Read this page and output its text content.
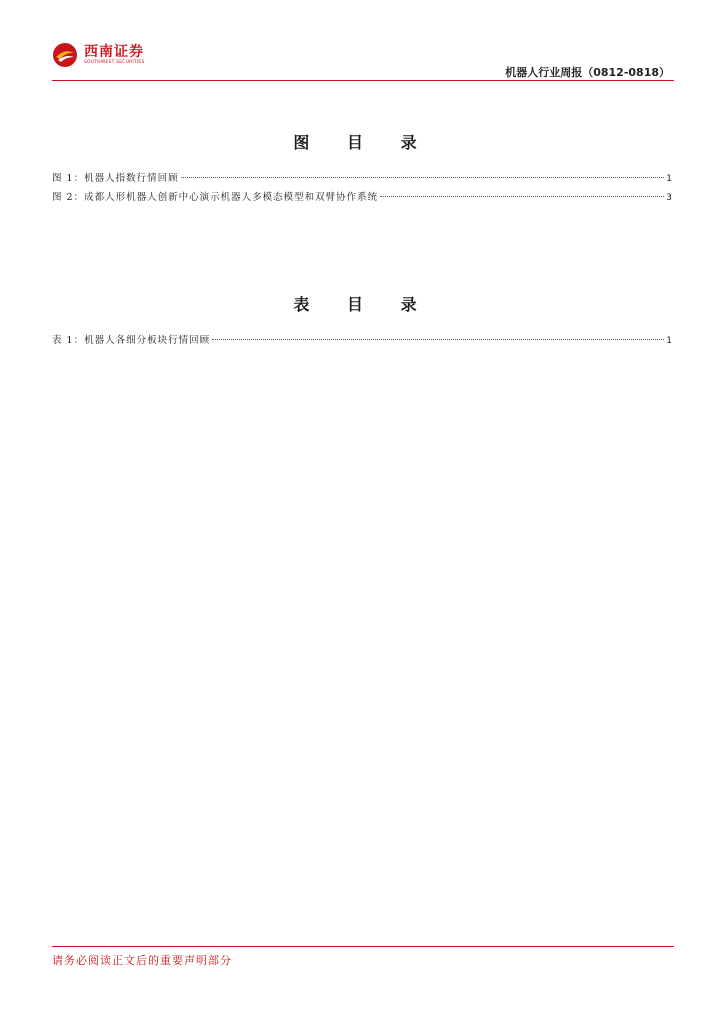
西南证券
SOUTHWEST SECURITIES
机器人行业周报（0812-0818）
图 目 录
图 1：机器人指数行情回顾	1
图 2：成都人形机器人创新中心演示机器人多模态模型和双臂协作系统	3
表 目 录
表 1：机器人各细分板块行情回顾	1
请务必阅读正文后的重要声明部分
